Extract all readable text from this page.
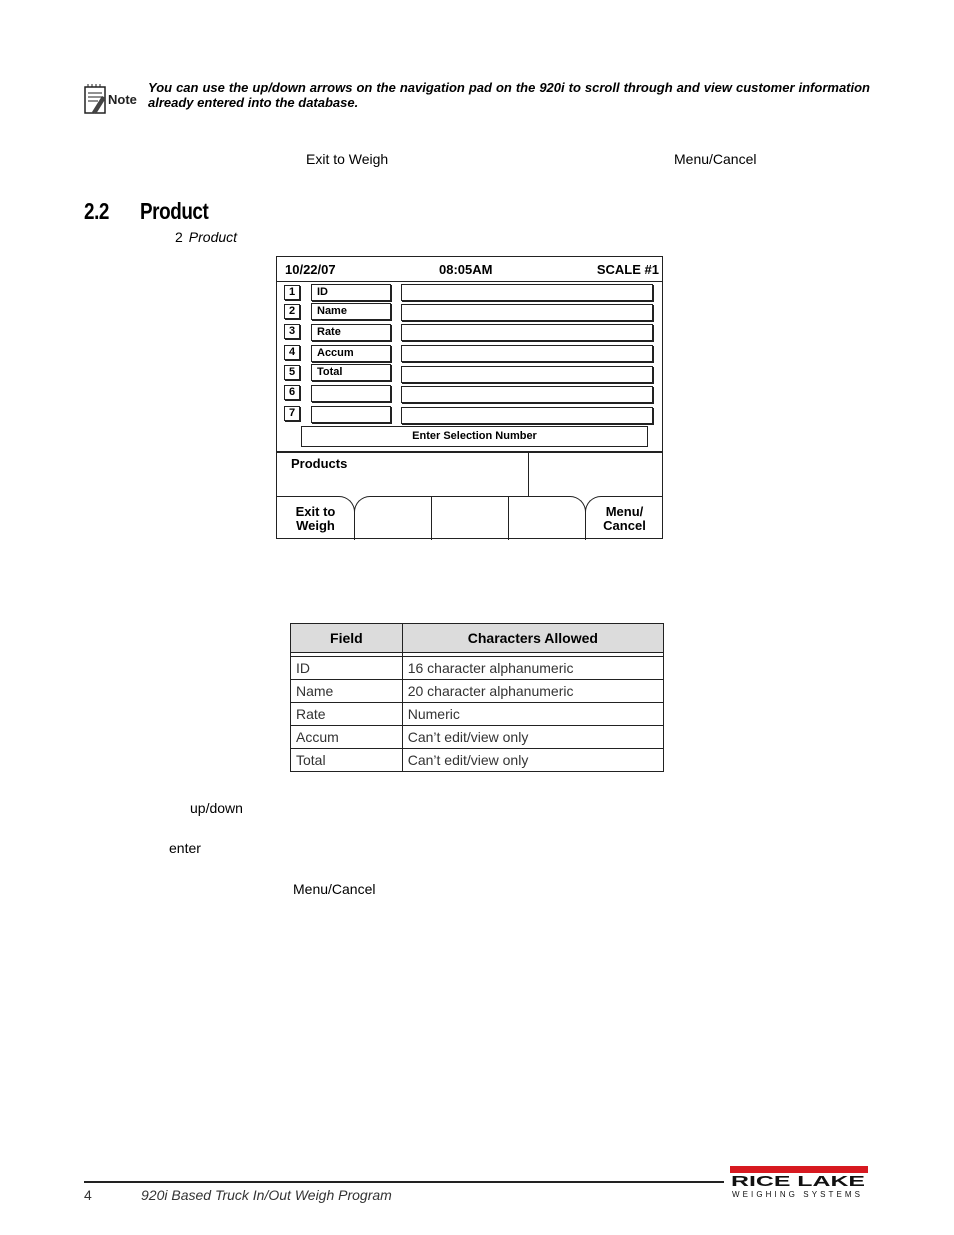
Note
You can use the up/down arrows on the navigation pad on the 920i to scroll through and view customer information already entered into the database.
Exit to Weigh	Menu/Cancel
2.2 Product
2 Product
10/22/07	08:05AM	SCALE #1
1	ID
2	Name
3	Rate
4	Accum
5	Total
6
7
Enter Selection Number
Products
Exit to
Weigh
Menu/
Cancel
Field	Characters Allowed

ID	16 character alphanumeric
Name	20 character alphanumeric
Rate	Numeric
Accum	Can’t edit/view only
Total	Can’t edit/view only
up/down
enter
Menu/Cancel
4	920i Based Truck In/Out Weigh Program
RICE LAKE
WEIGHING SYSTEMS
